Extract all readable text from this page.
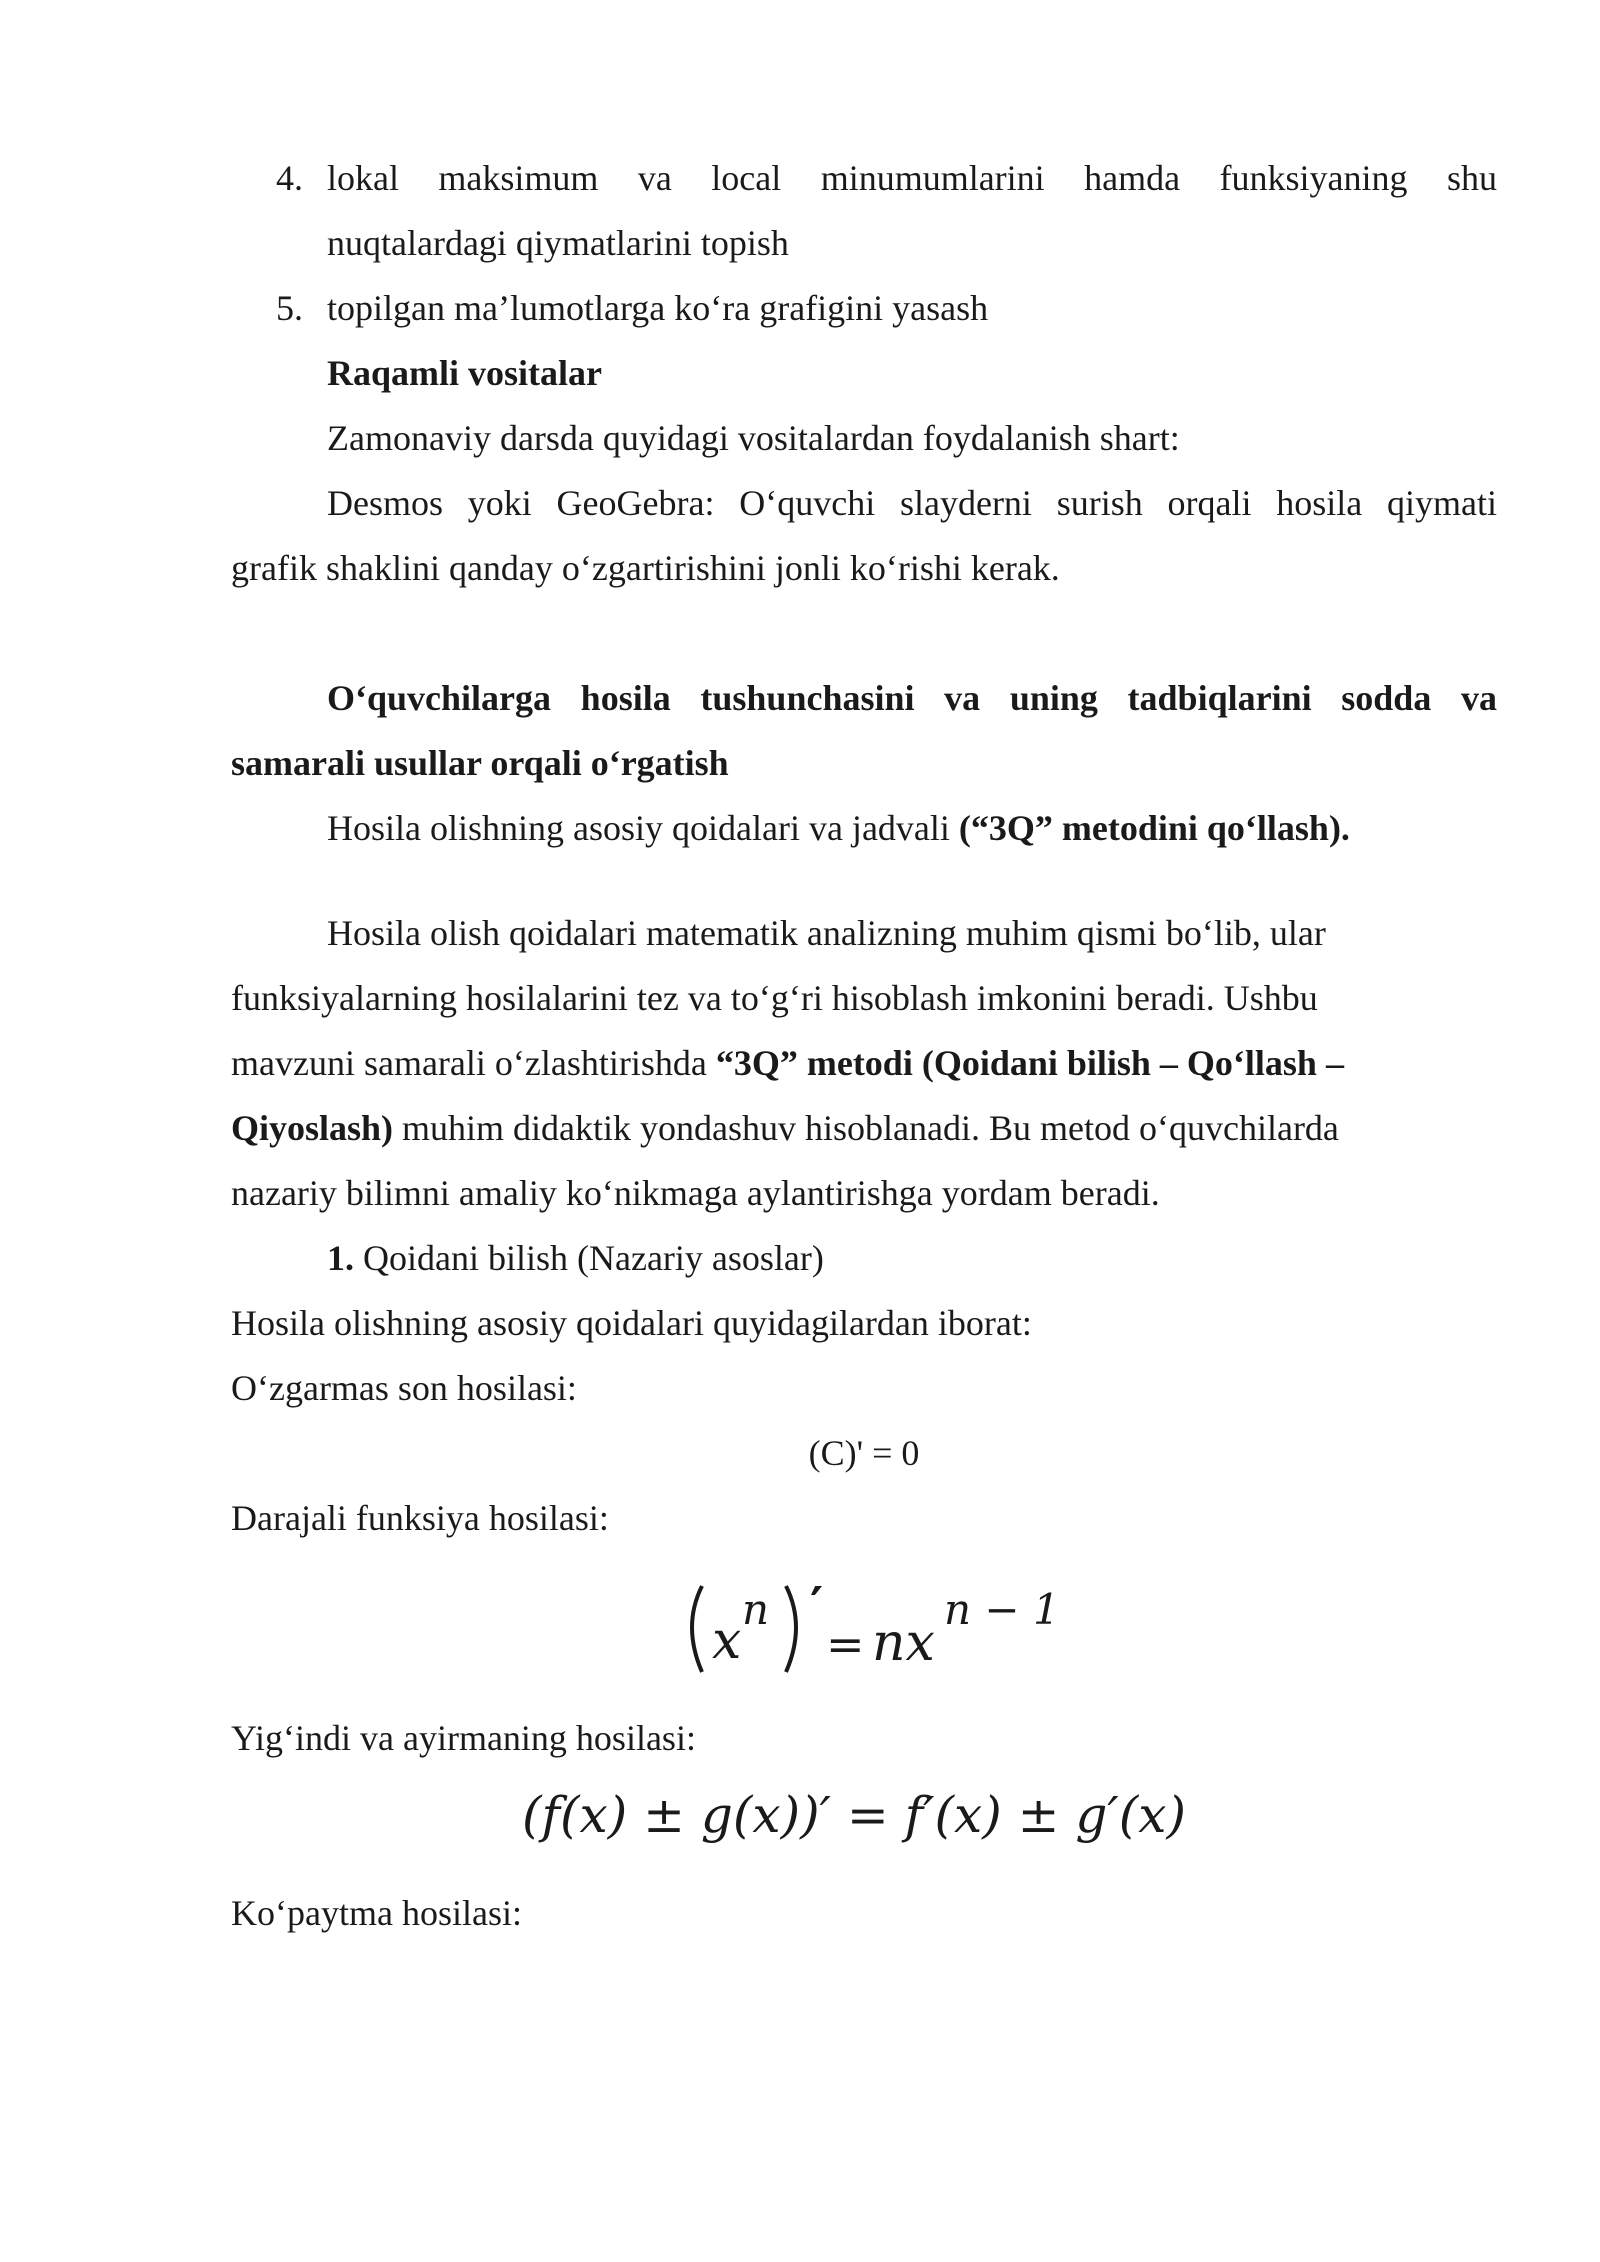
4. lokal maksimum va local minumumlarini hamda funksiyaning shu
nuqtalardagi qiymatlarini topish
5. topilgan ma’lumotlarga ko‘ra grafigini yasash
Raqamli vositalar
Zamonaviy darsda quyidagi vositalardan foydalanish shart:
Desmos yoki GeoGebra: O‘quvchi slayderni surish orqali hosila qiymati
grafik shaklini qanday o‘zgartirishini jonli ko‘rishi kerak.
O‘quvchilarga hosila tushunchasini va uning tadbiqlarini sodda va
samarali usullar orqali o‘rgatish
Hosila olishning asosiy qoidalari va jadvali (“3Q” metodini qo‘llash).
Hosila olish qoidalari matematik analizning muhim qismi bo‘lib, ular
funksiyalarning hosilalarini tez va to‘g‘ri hisoblash imkonini beradi. Ushbu
mavzuni samarali o‘zlashtirishda “3Q” metodi (Qoidani bilish – Qo‘llash –
Qiyoslash) muhim didaktik yondashuv hisoblanadi. Bu metod o‘quvchilarda
nazariy bilimni amaliy ko‘nikmaga aylantirishga yordam beradi.
1. Qoidani bilish (Nazariy asoslar)
Hosila olishning asosiy qoidalari quyidagilardan iborat:
O‘zgarmas son hosilasi:
(C)' = 0
Darajali funksiya hosilasi:
x
n ′
= nx
n − 1
Yig‘indi va ayirmaning hosilasi:
(f(x) ± g(x))′ = f′(x) ± g′(x)
Ko‘paytma hosilasi:
